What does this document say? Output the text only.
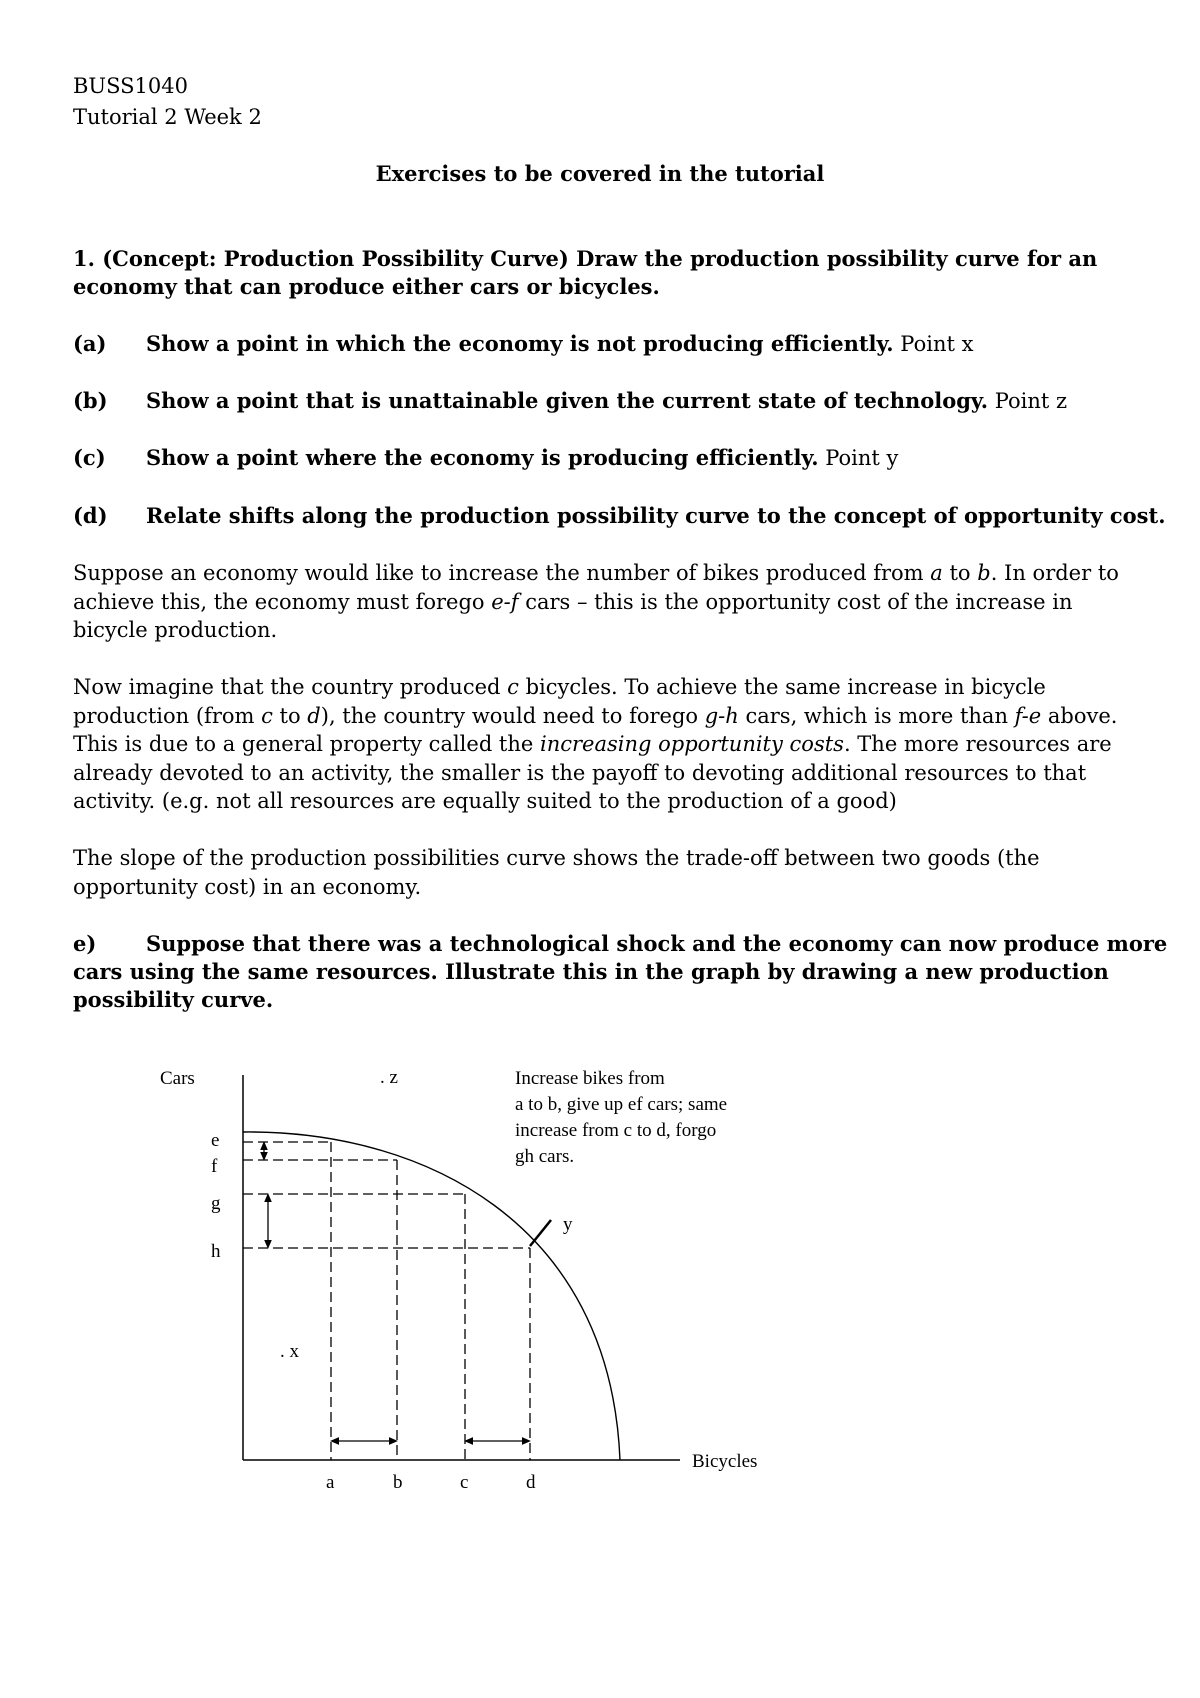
BUSS1040
Tutorial 2 Week 2
Exercises to be covered in the tutorial
1. (Concept: Production Possibility Curve) Draw the production possibility curve for an
economy that can produce either cars or bicycles.
(a) Show a point in which the economy is not producing efficiently. Point x
(b) Show a point that is unattainable given the current state of technology. Point z
(c) Show a point where the economy is producing efficiently. Point y
(d) Relate shifts along the production possibility curve to the concept of opportunity cost.

Suppose an economy would like to increase the number of bikes produced from a to b. In order to achieve this, the economy must forego e-f cars – this is the opportunity cost of the increase in bicycle production.

Now imagine that the country produced c bicycles. To achieve the same increase in bicycle production (from c to d), the country would need to forego g-h cars, which is more than f-e above. This is due to a general property called the increasing opportunity costs. The more resources are already devoted to an activity, the smaller is the payoff to devoting additional resources to that activity. (e.g. not all resources are equally suited to the production of a good)

The slope of the production possibilities curve shows the trade-off between two goods (the opportunity cost) in an economy.

e) Suppose that there was a technological shock and the economy can now produce more
cars using the same resources. Illustrate this in the graph by drawing a new production
possibility curve.
Cars
Bicycles
. z
. x
y
e
f
g
h
a	b	c	d
Increase bikes from
a to b, give up ef cars; same
increase from c to d, forgo
gh cars.
